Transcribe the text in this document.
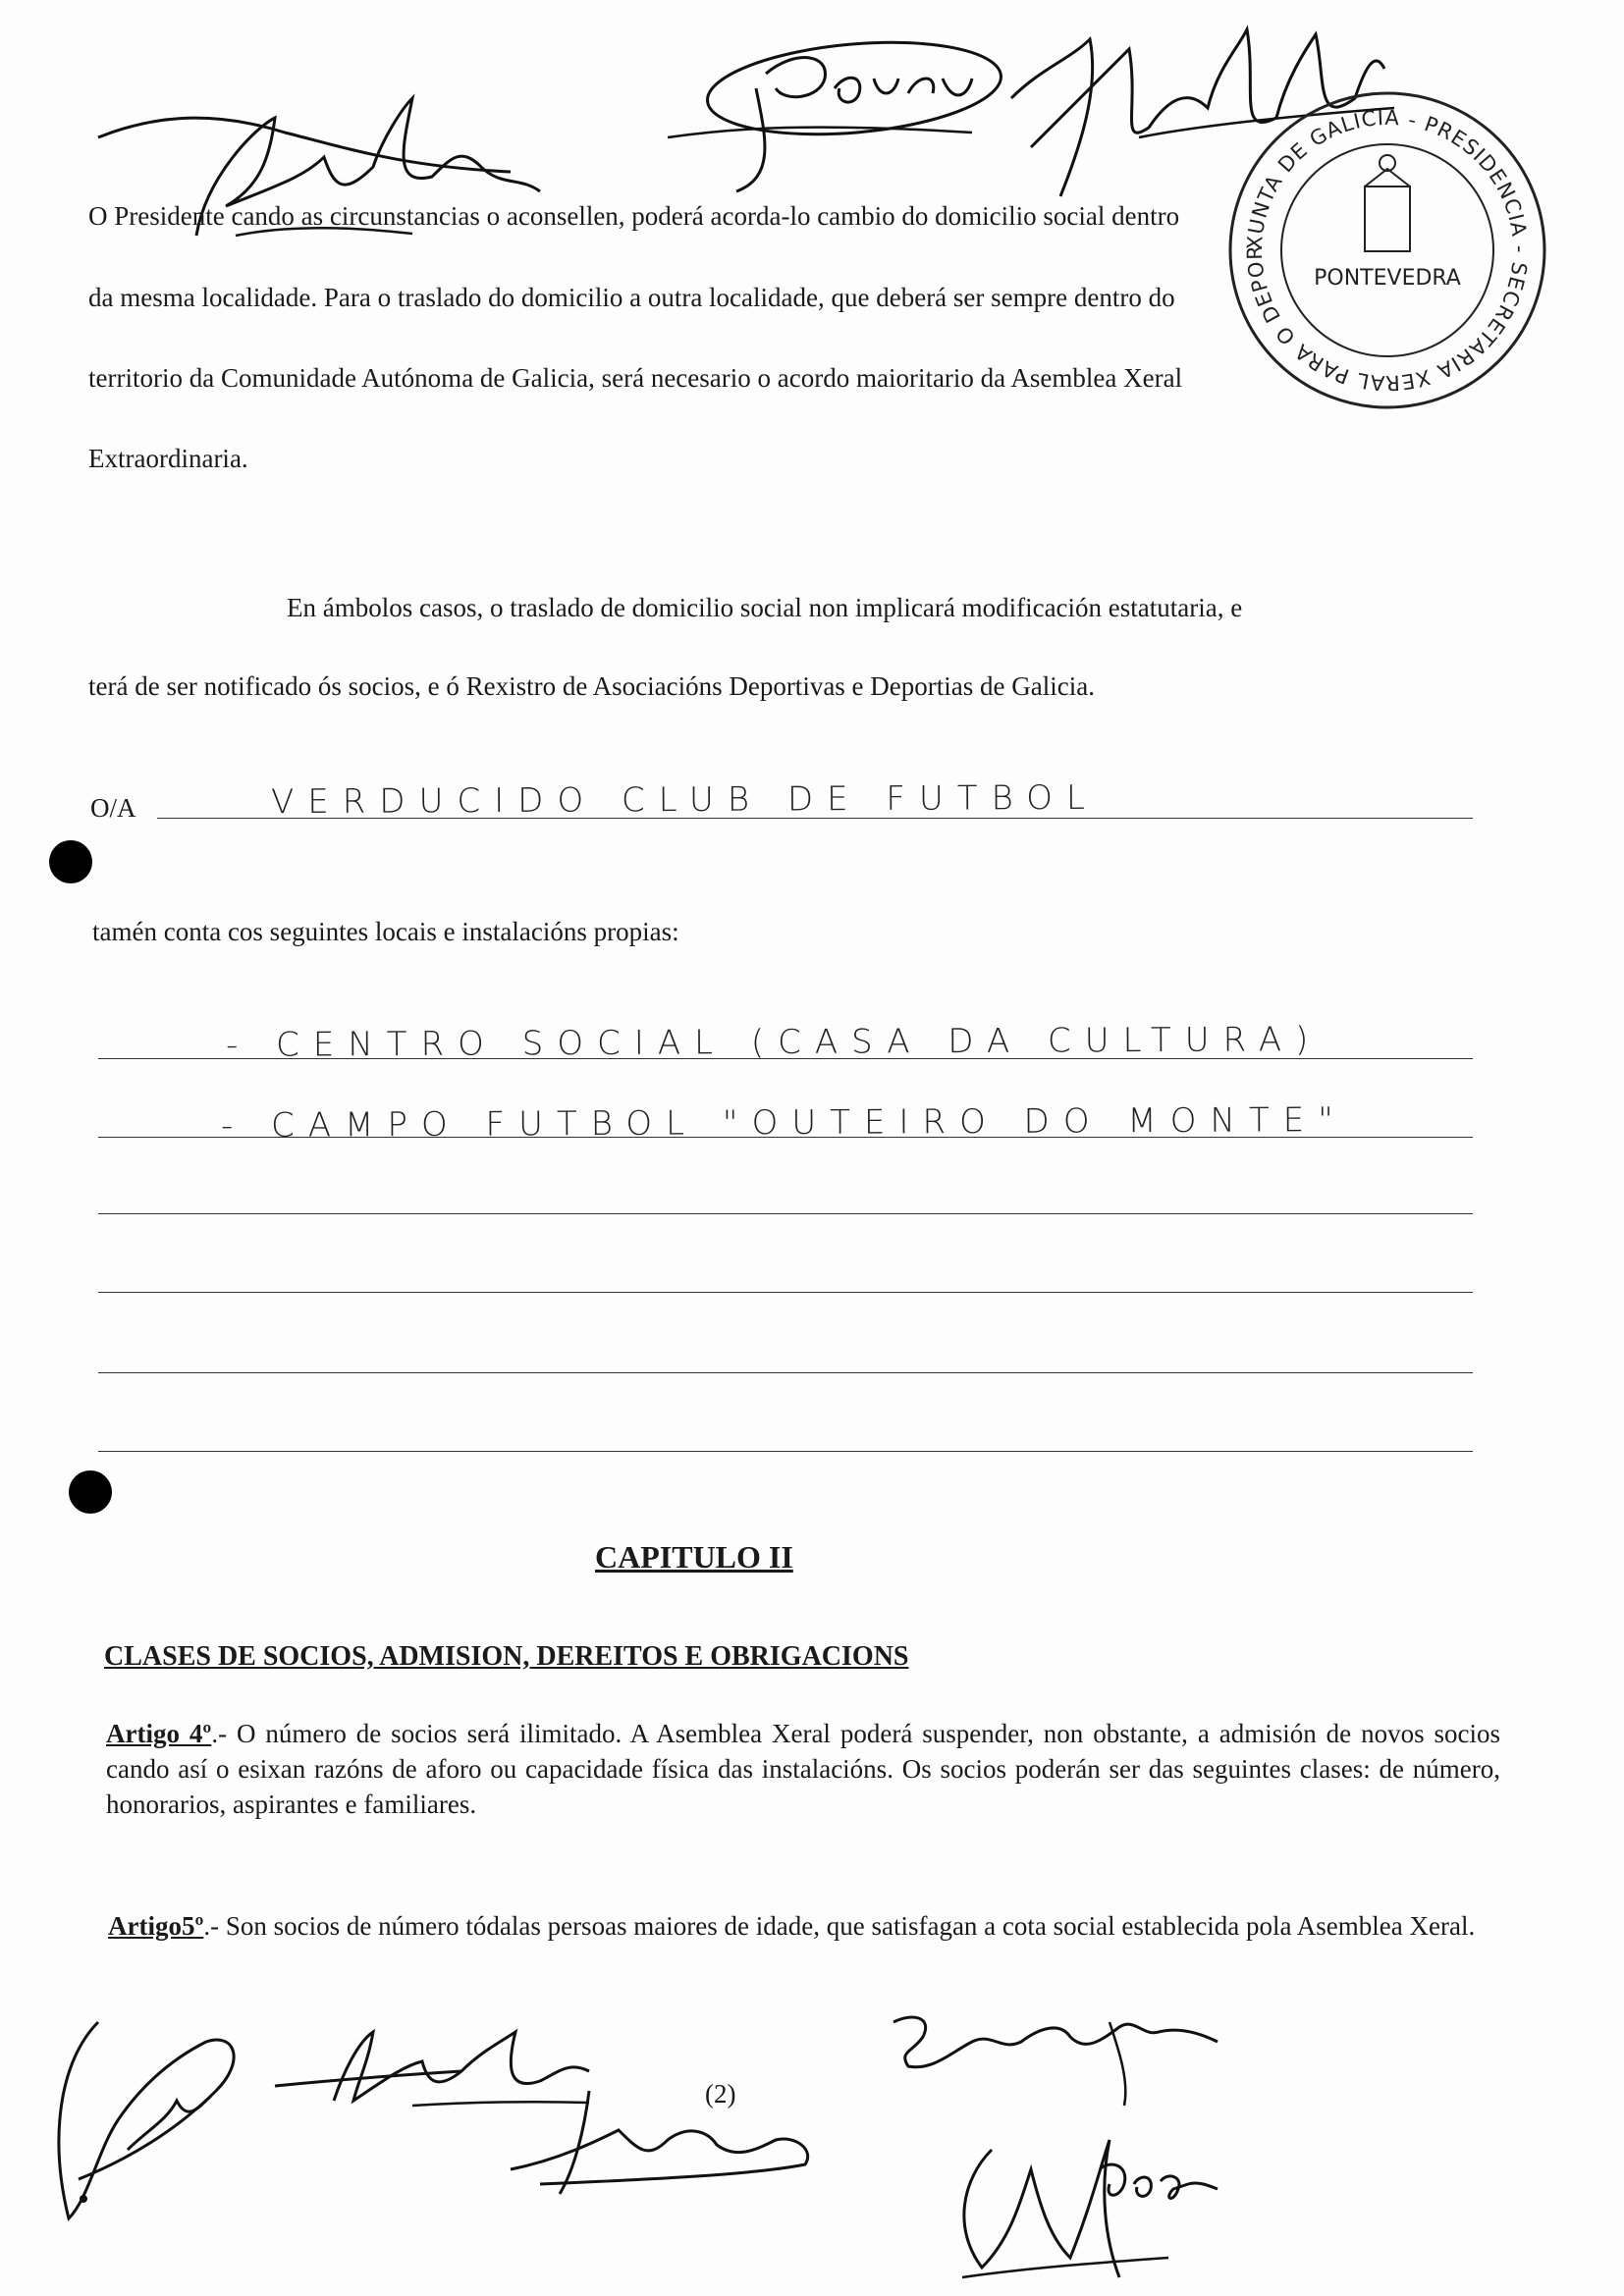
XUNTA DE GALICIA - PRESIDENCIA - SECRETARIA XERAL PARA O DEPOR
PONTEVEDRA
O Presidente cando as circunstancias o aconsellen, poderá acorda-lo cambio do domicilio social dentro
da mesma localidade. Para o traslado do domicilio a outra localidade, que deberá ser sempre dentro do
territorio da Comunidade Autónoma de Galicia, será necesario o acordo maioritario da Asemblea Xeral
Extraordinaria.
En ámbolos casos, o traslado de domicilio social non implicará modificación estatutaria, e
terá de ser notificado ós socios, e ó Rexistro de Asociacións Deportivas e Deportias de Galicia.
O/A	VERDUCIDO CLUB DE FUTBOL
tamén conta cos seguintes locais e instalacións propias:
- CENTRO SOCIAL (CASA DA CULTURA)
- CAMPO FUTBOL "OUTEIRO DO MONTE"
CAPITULO II
CLASES DE SOCIOS, ADMISION, DEREITOS E OBRIGACIONS
Artigo 4º.- O número de socios será ilimitado. A Asemblea Xeral poderá suspender, non obstante, a admisión de novos socios cando así o esixan razóns de aforo ou capacidade física das instalacións. Os socios poderán ser das seguintes clases: de número, honorarios, aspirantes e familiares.
Artigo5º.- Son socios de número tódalas persoas maiores de idade, que satisfagan a cota social establecida pola Asemblea Xeral.
(2)
